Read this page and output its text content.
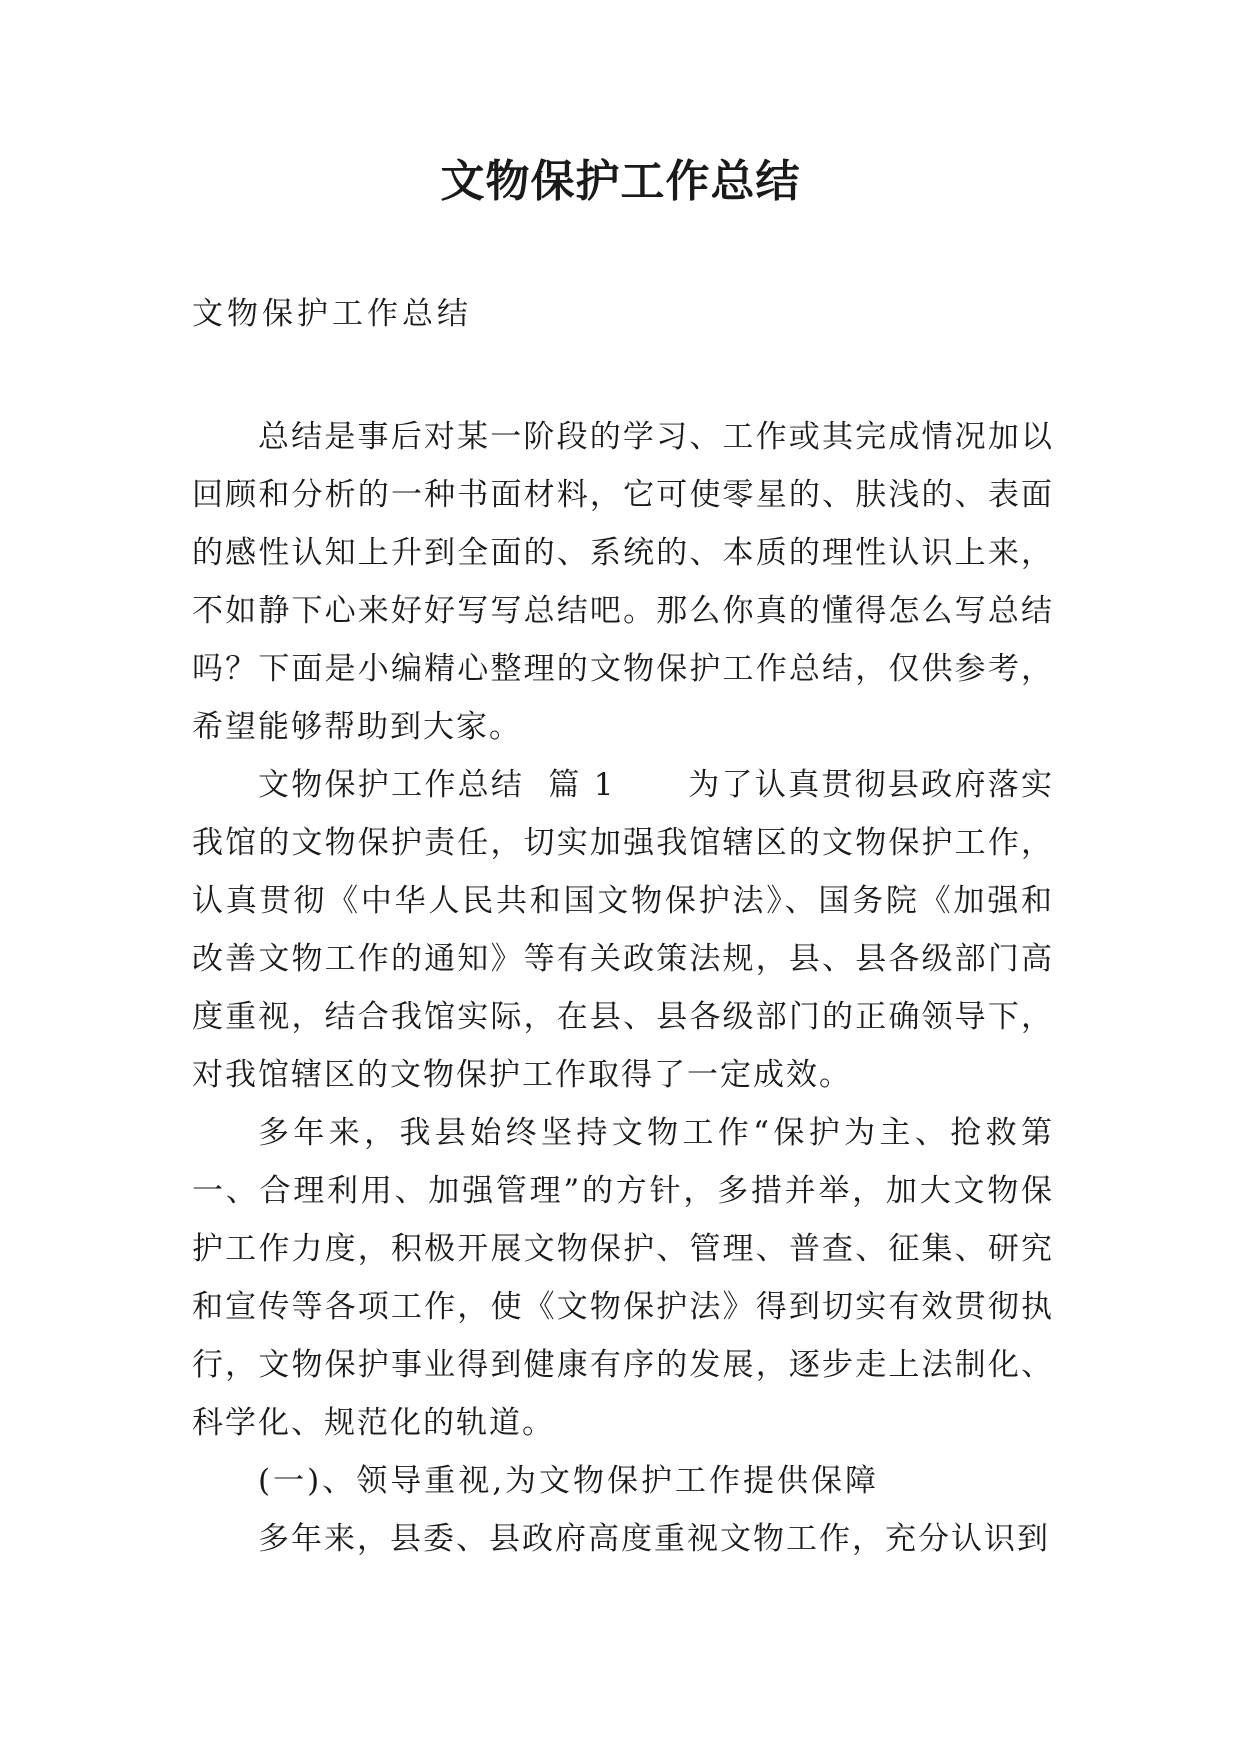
文物保护工作总结

文物保护工作总结

总结是事后对某一阶段的学习、工作或其完成情况加以回顾和分析的一种书面材料，它可使零星的、肤浅的、表面的感性认知上升到全面的、系统的、本质的理性认识上来，不如静下心来好好写写总结吧。那么你真的懂得怎么写总结吗？下面是小编精心整理的文物保护工作总结，仅供参考，希望能够帮助到大家。

文物保护工作总结  篇 1      为了认真贯彻县政府落实我馆的文物保护责任，切实加强我馆辖区的文物保护工作，认真贯彻《中华人民共和国文物保护法》、国务院《加强和改善文物工作的通知》等有关政策法规，县、县各级部门高度重视，结合我馆实际，在县、县各级部门的正确领导下，对我馆辖区的文物保护工作取得了一定成效。

多年来，我县始终坚持文物工作“保护为主、抢救第一、合理利用、加强管理”的方针，多措并举，加大文物保护工作力度，积极开展文物保护、管理、普查、征集、研究和宣传等各项工作，使《文物保护法》得到切实有效贯彻执行，文物保护事业得到健康有序的发展，逐步走上法制化、科学化、规范化的轨道。

(一)、领导重视,为文物保护工作提供保障

多年来，县委、县政府高度重视文物工作，充分认识到
